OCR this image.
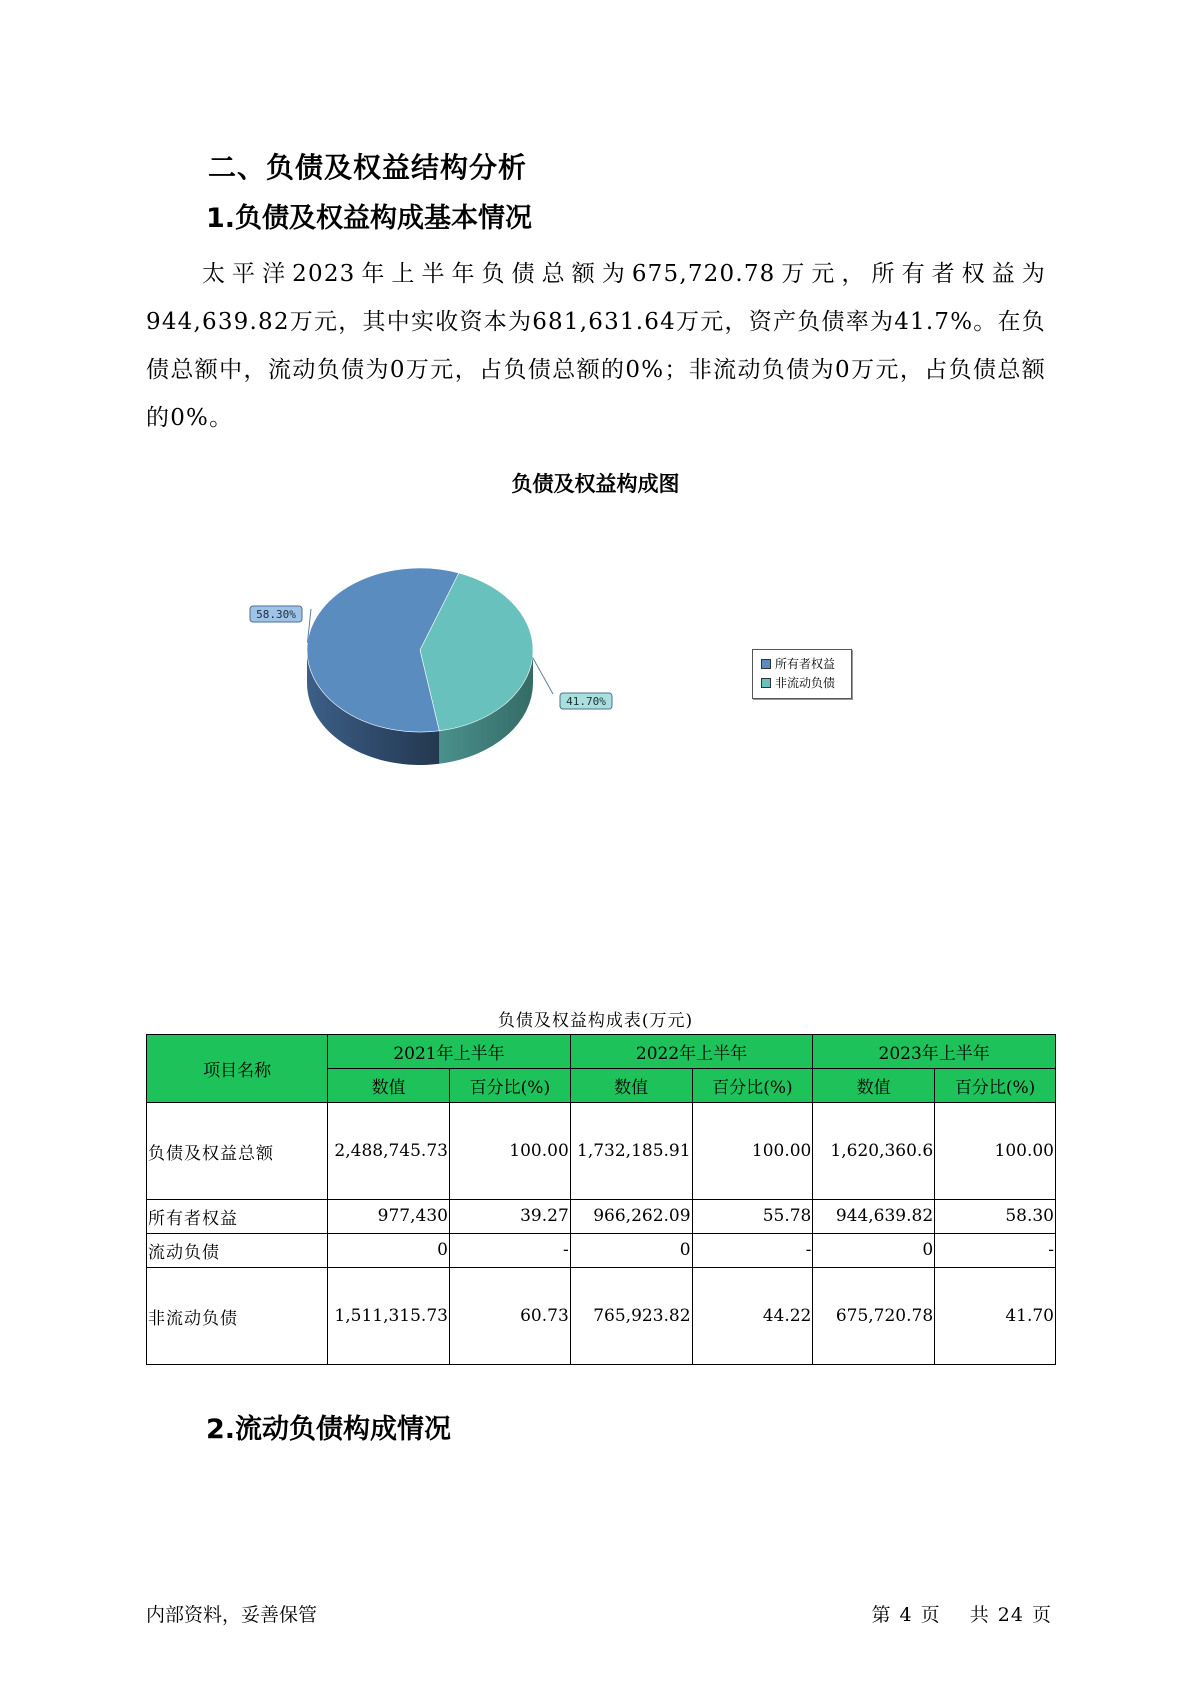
二、负债及权益结构分析
1.负债及权益构成基本情况

太平洋2023年上半年负债总额为675,720.78万元，所有者权益为944,639.82万元，其中实收资本为681,631.64万元，资产负债率为41.7%。在负债总额中，流动负债为0万元，占负债总额的0%；非流动负债为0万元，占负债总额的0%。

负债及权益构成图
41.70%
58.30%
所有者权益
非流动负债
负债及权益构成表(万元)
项目名称	2021年上半年		2022年上半年		2023年上半年	
	数值	百分比(%)	数值	百分比(%)	数值	百分比(%)
负债及权益总额	2,488,745.73	100.00	1,732,185.91	100.00	1,620,360.6	100.00
所有者权益	977,430	39.27	966,262.09	55.78	944,639.82	58.30
流动负债	0	-	0	-	0	-
非流动负债	1,511,315.73	60.73	765,923.82	44.22	675,720.78	41.70
2.流动负债构成情况
内部资料，妥善保管	第 4 页 共 24 页
